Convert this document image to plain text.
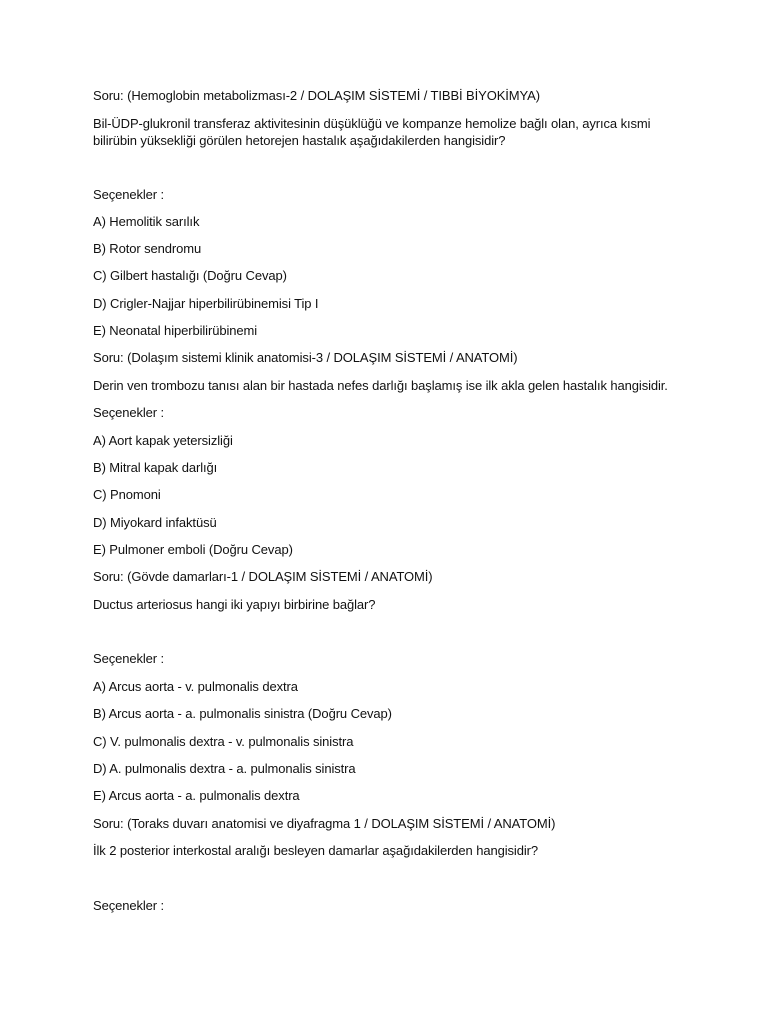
Soru: (Hemoglobin metabolizması-2 / DOLAŞIM SİSTEMİ / TIBBİ BİYOKİMYA)
Bil-ÜDP-glukronil transferaz aktivitesinin düşüklüğü ve kompanze hemolize bağlı olan, ayrıca kısmi bilirübin yüksekliği görülen hetorejen hastalık aşağıdakilerden hangisidir?
Seçenekler :
A) Hemolitik sarılık
B) Rotor sendromu
C) Gilbert hastalığı (Doğru Cevap)
D) Crigler-Najjar hiperbilirübinemisi Tip I
E) Neonatal hiperbilirübinemi
Soru: (Dolaşım sistemi klinik anatomisi-3 / DOLAŞIM SİSTEMİ / ANATOMİ)
Derin ven trombozu tanısı alan bir hastada nefes darlığı başlamış ise ilk akla gelen hastalık hangisidir.
Seçenekler :
A) Aort kapak yetersizliği
B) Mitral kapak darlığı
C) Pnomoni
D) Miyokard infaktüsü
E) Pulmoner emboli (Doğru Cevap)
Soru: (Gövde damarları-1 / DOLAŞIM SİSTEMİ / ANATOMİ)
Ductus arteriosus hangi iki yapıyı birbirine bağlar?
Seçenekler :
A) Arcus aorta - v. pulmonalis dextra
B) Arcus aorta - a. pulmonalis sinistra (Doğru Cevap)
C) V. pulmonalis dextra - v. pulmonalis sinistra
D) A. pulmonalis dextra - a. pulmonalis sinistra
E) Arcus aorta - a. pulmonalis dextra
Soru: (Toraks duvarı anatomisi ve diyafragma 1 / DOLAŞIM SİSTEMİ / ANATOMİ)
İlk 2 posterior interkostal aralığı besleyen damarlar aşağıdakilerden hangisidir?
Seçenekler :
